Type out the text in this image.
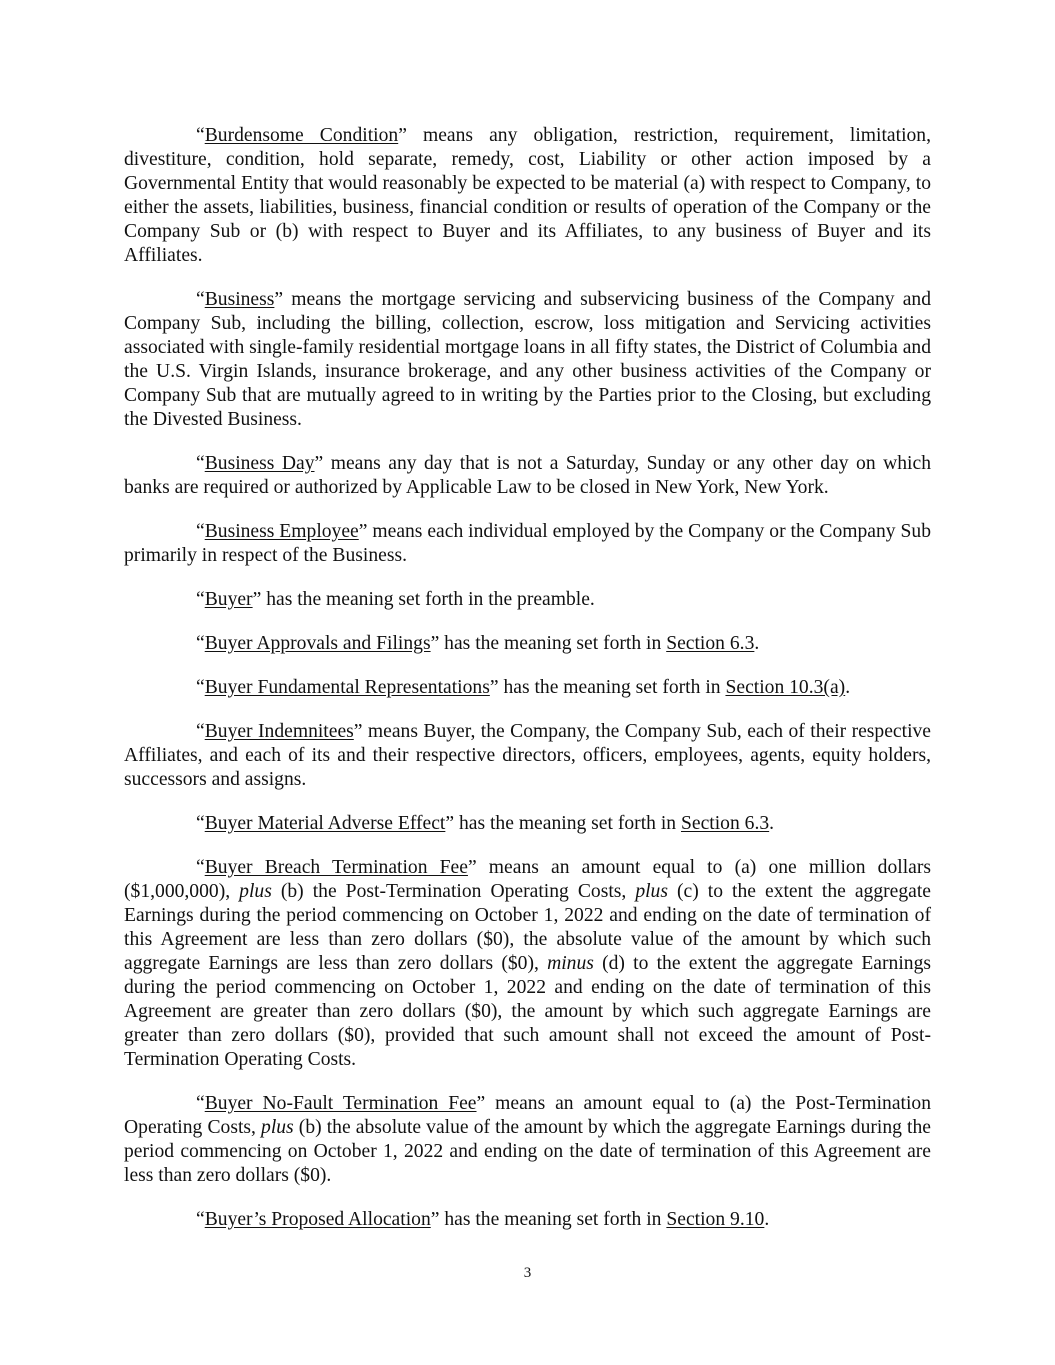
“Burdensome Condition” means any obligation, restriction, requirement, limitation, divestiture, condition, hold separate, remedy, cost, Liability or other action imposed by a Governmental Entity that would reasonably be expected to be material (a) with respect to Company, to either the assets, liabilities, business, financial condition or results of operation of the Company or the Company Sub or (b) with respect to Buyer and its Affiliates, to any business of Buyer and its Affiliates.

“Business” means the mortgage servicing and subservicing business of the Company and Company Sub, including the billing, collection, escrow, loss mitigation and Servicing activities associated with single-family residential mortgage loans in all fifty states, the District of Columbia and the U.S. Virgin Islands, insurance brokerage, and any other business activities of the Company or Company Sub that are mutually agreed to in writing by the Parties prior to the Closing, but excluding the Divested Business.

“Business Day” means any day that is not a Saturday, Sunday or any other day on which banks are required or authorized by Applicable Law to be closed in New York, New York.

“Business Employee” means each individual employed by the Company or the Company Sub primarily in respect of the Business.

“Buyer” has the meaning set forth in the preamble.

“Buyer Approvals and Filings” has the meaning set forth in Section 6.3.

“Buyer Fundamental Representations” has the meaning set forth in Section 10.3(a).

“Buyer Indemnitees” means Buyer, the Company, the Company Sub, each of their respective Affiliates, and each of its and their respective directors, officers, employees, agents, equity holders, successors and assigns.

“Buyer Material Adverse Effect” has the meaning set forth in Section 6.3.

“Buyer Breach Termination Fee” means an amount equal to (a) one million dollars ($1,000,000), plus (b) the Post-Termination Operating Costs, plus (c) to the extent the aggregate Earnings during the period commencing on October 1, 2022 and ending on the date of termination of this Agreement are less than zero dollars ($0), the absolute value of the amount by which such aggregate Earnings are less than zero dollars ($0), minus (d) to the extent the aggregate Earnings during the period commencing on October 1, 2022 and ending on the date of termination of this Agreement are greater than zero dollars ($0), the amount by which such aggregate Earnings are greater than zero dollars ($0), provided that such amount shall not exceed the amount of Post-Termination Operating Costs.

“Buyer No-Fault Termination Fee” means an amount equal to (a) the Post-Termination Operating Costs, plus (b) the absolute value of the amount by which the aggregate Earnings during the period commencing on October 1, 2022 and ending on the date of termination of this Agreement are less than zero dollars ($0).

“Buyer’s Proposed Allocation” has the meaning set forth in Section 9.10.

3
